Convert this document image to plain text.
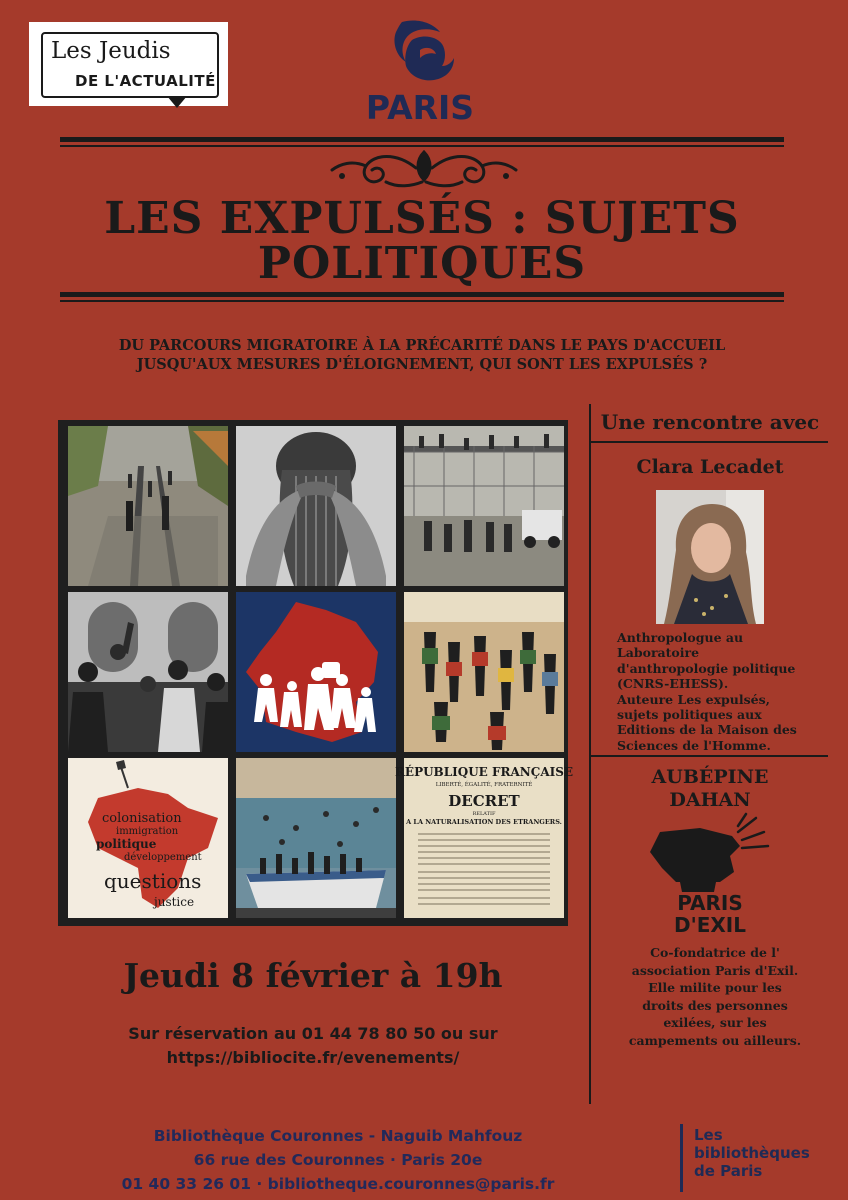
Les Jeudis
DE L'ACTUALITÉ
PARIS
LES EXPULSÉS : SUJETS POLITIQUES
DU PARCOURS MIGRATOIRE À LA PRÉCARITÉ DANS LE PAYS D'ACCUEIL
JUSQU'AUX MESURES D'ÉLOIGNEMENT, QUI SONT LES EXPULSÉS ?
colonisation
immigration
politique
développement
questions
justice
RÉPUBLIQUE FRANÇAISE
LIBERTÉ, ÉGALITÉ, FRATERNITÉ
DECRET
RELATIF
A LA NATURALISATION DES ETRANGERS.
Une rencontre avec
Clara Lecadet
Anthropologue au
Laboratoire
d'anthropologie politique
(CNRS-EHESS).
Auteure Les expulsés,
sujets politiques aux
Editions de la Maison des
Sciences de l'Homme.
AUBÉPINE
DAHAN
PARIS
D'EXIL
Co-fondatrice de l'
association Paris d'Exil.
Elle milite pour les
droits des personnes
exilées, sur les
campements ou ailleurs.
Jeudi 8 février à 19h
Sur réservation au 01 44 78 80 50 ou sur
https://bibliocite.fr/evenements/
Bibliothèque Couronnes - Naguib Mahfouz
66 rue des Couronnes · Paris 20e
01 40 33 26 01 · bibliotheque.couronnes@paris.fr
Les
bibliothèques
de Paris
